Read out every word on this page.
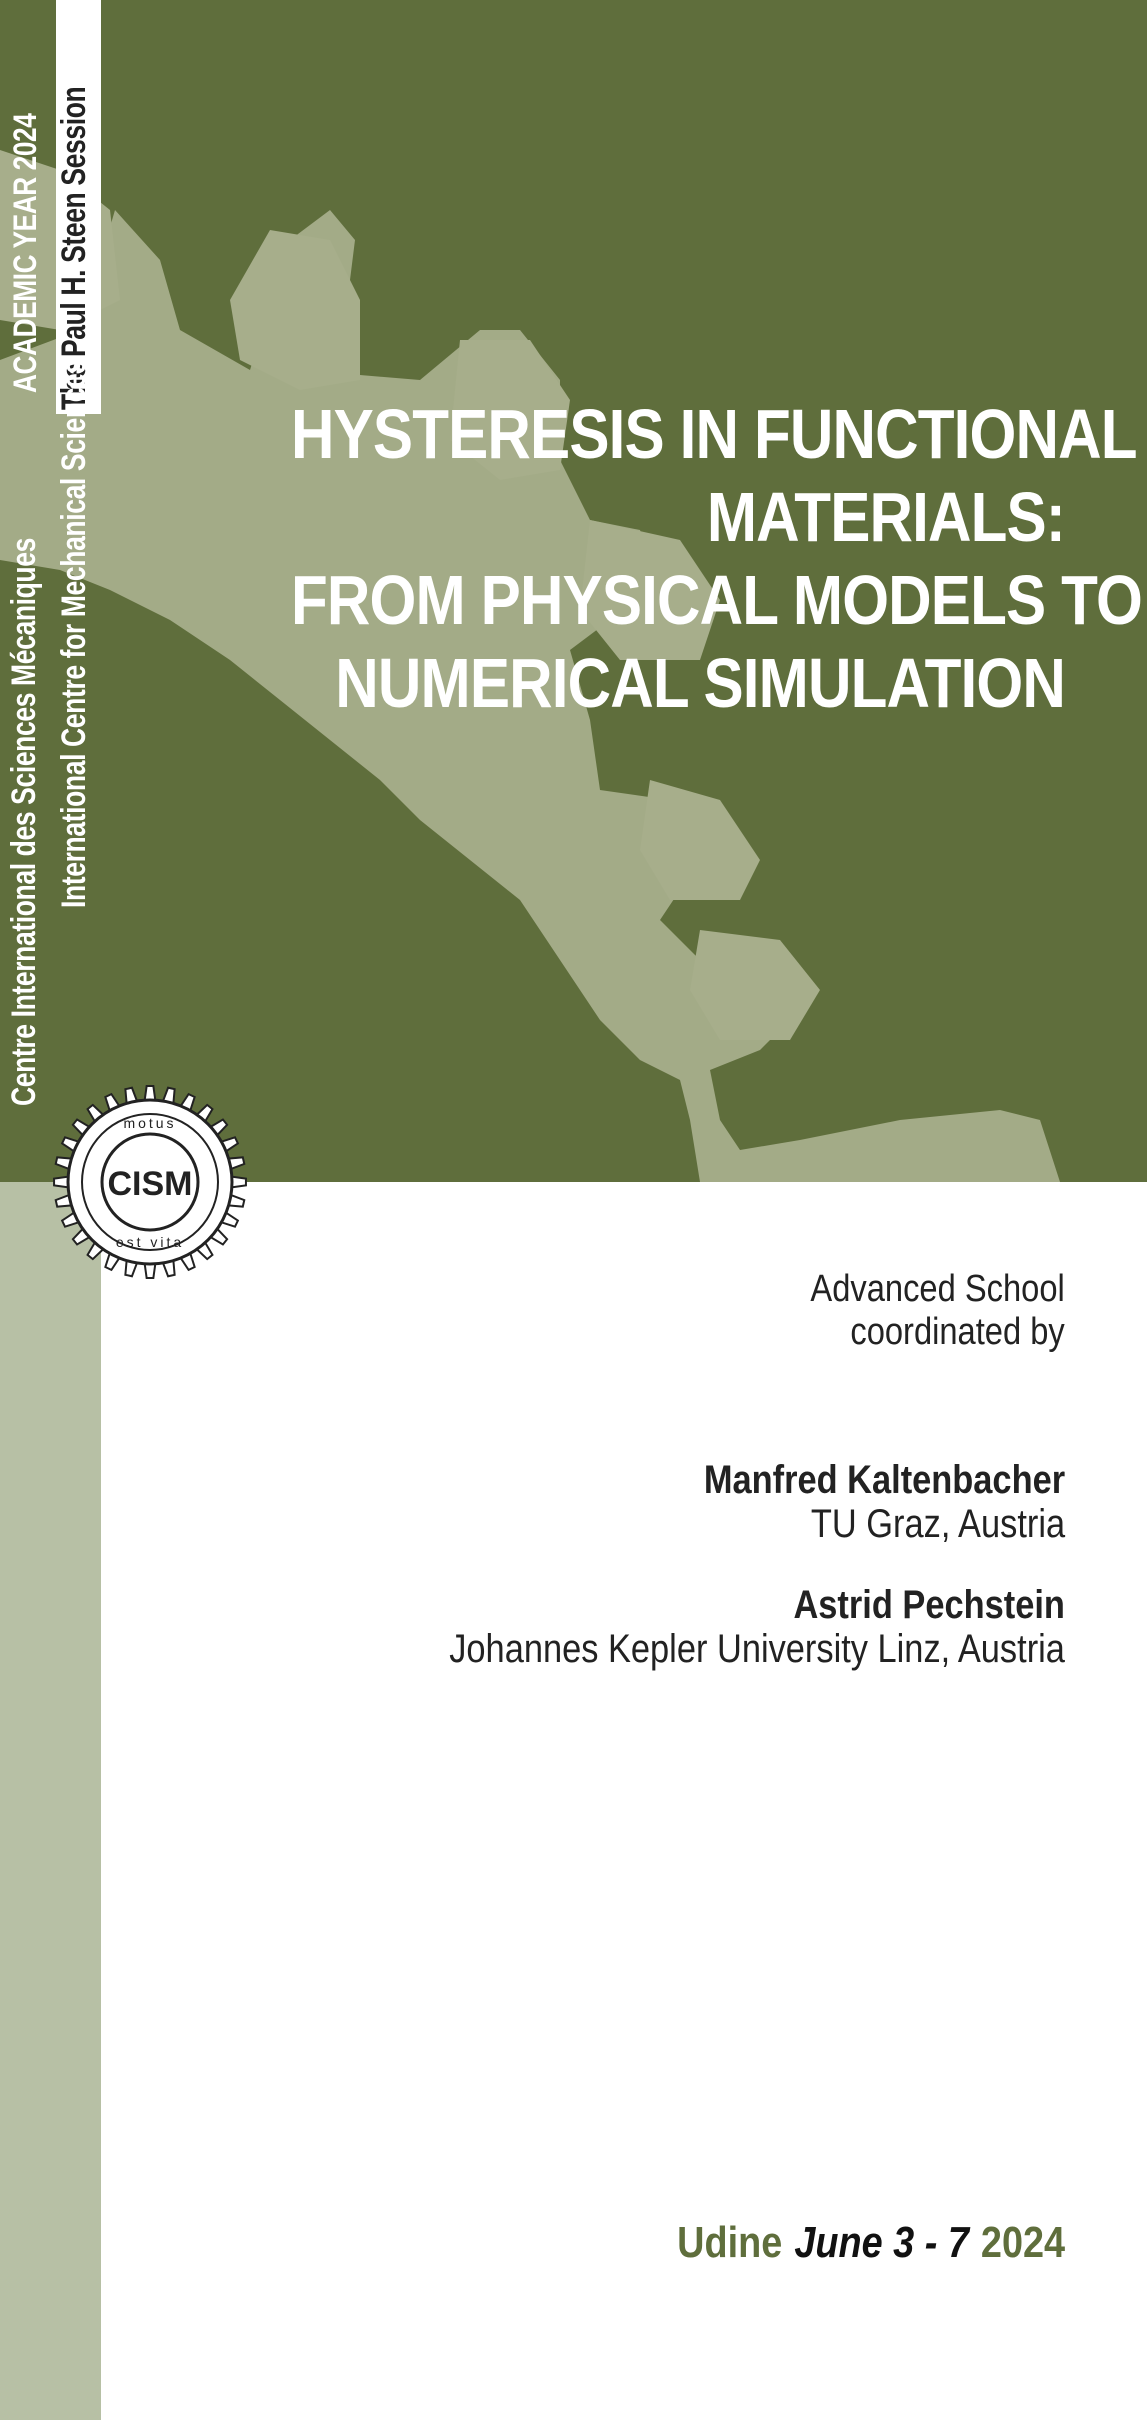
The Paul H. Steen Session
ACADEMIC YEAR 2024
Centre International des Sciences Mécaniques International Centre for Mechanical Sciences	HYSTERESIS IN FUNCTIONAL
MATERIALS:
FROM PHYSICAL MODELS TO
NUMERICAL SIMULATION
CISM
motus
est vita
Advanced School
coordinated by
Manfred Kaltenbacher
TU Graz, Austria
Astrid Pechstein
Johannes Kepler University Linz, Austria
Udine June 3 - 7 2024
